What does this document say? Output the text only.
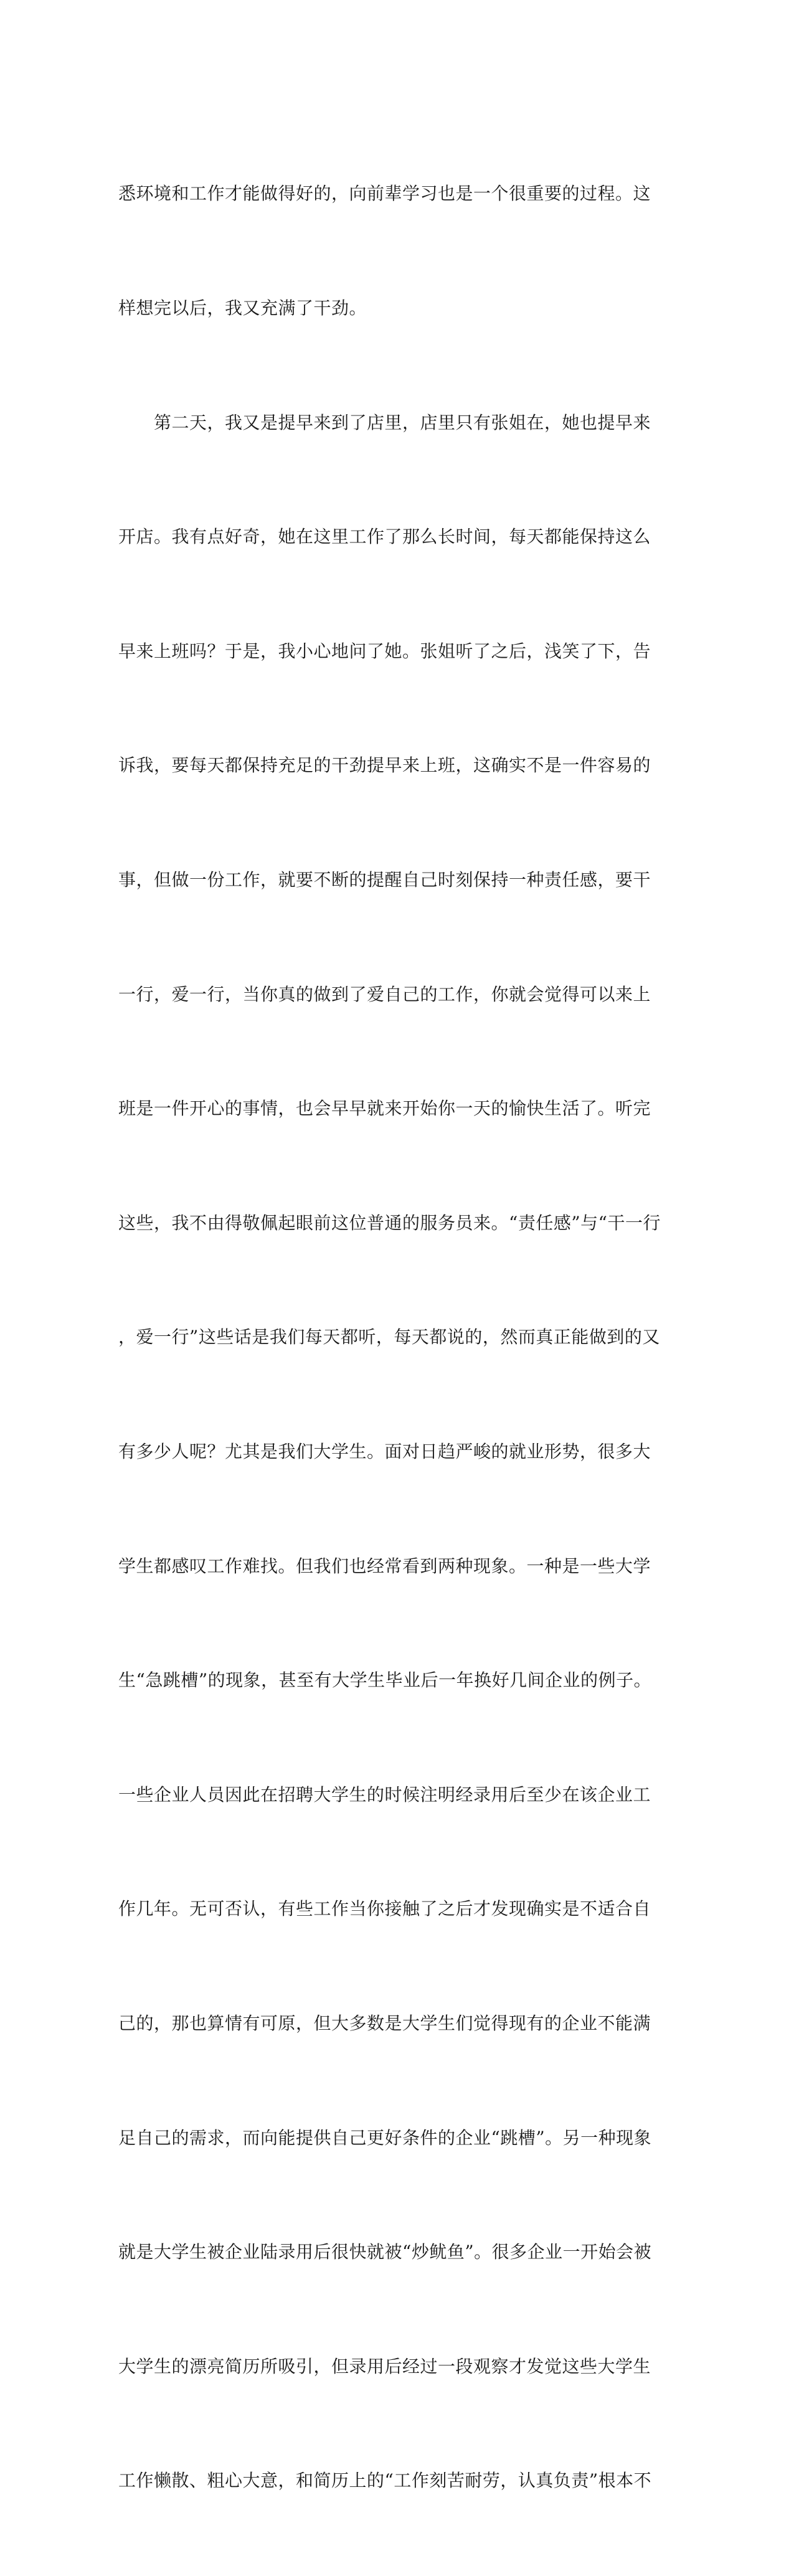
悉环境和工作才能做得好的，向前辈学习也是一个很重要的过程。这

样想完以后，我又充满了干劲。

　　第二天，我又是提早来到了店里，店里只有张姐在，她也提早来

开店。我有点好奇，她在这里工作了那么长时间，每天都能保持这么

早来上班吗？于是，我小心地问了她。张姐听了之后，浅笑了下，告

诉我，要每天都保持充足的干劲提早来上班，这确实不是一件容易的

事，但做一份工作，就要不断的提醒自己时刻保持一种责任感，要干

一行，爱一行，当你真的做到了爱自己的工作，你就会觉得可以来上

班是一件开心的事情，也会早早就来开始你一天的愉快生活了。听完

这些，我不由得敬佩起眼前这位普通的服务员来。“责任感”与“干一行

，爱一行”这些话是我们每天都听，每天都说的，然而真正能做到的又

有多少人呢？尤其是我们大学生。面对日趋严峻的就业形势，很多大

学生都感叹工作难找。但我们也经常看到两种现象。一种是一些大学

生“急跳槽”的现象，甚至有大学生毕业后一年换好几间企业的例子。

一些企业人员因此在招聘大学生的时候注明经录用后至少在该企业工

作几年。无可否认，有些工作当你接触了之后才发现确实是不适合自

己的，那也算情有可原，但大多数是大学生们觉得现有的企业不能满

足自己的需求，而向能提供自己更好条件的企业“跳槽”。另一种现象

就是大学生被企业陆录用后很快就被“炒鱿鱼”。很多企业一开始会被

大学生的漂亮简历所吸引，但录用后经过一段观察才发觉这些大学生

工作懒散、粗心大意，和简历上的“工作刻苦耐劳，认真负责”根本不
